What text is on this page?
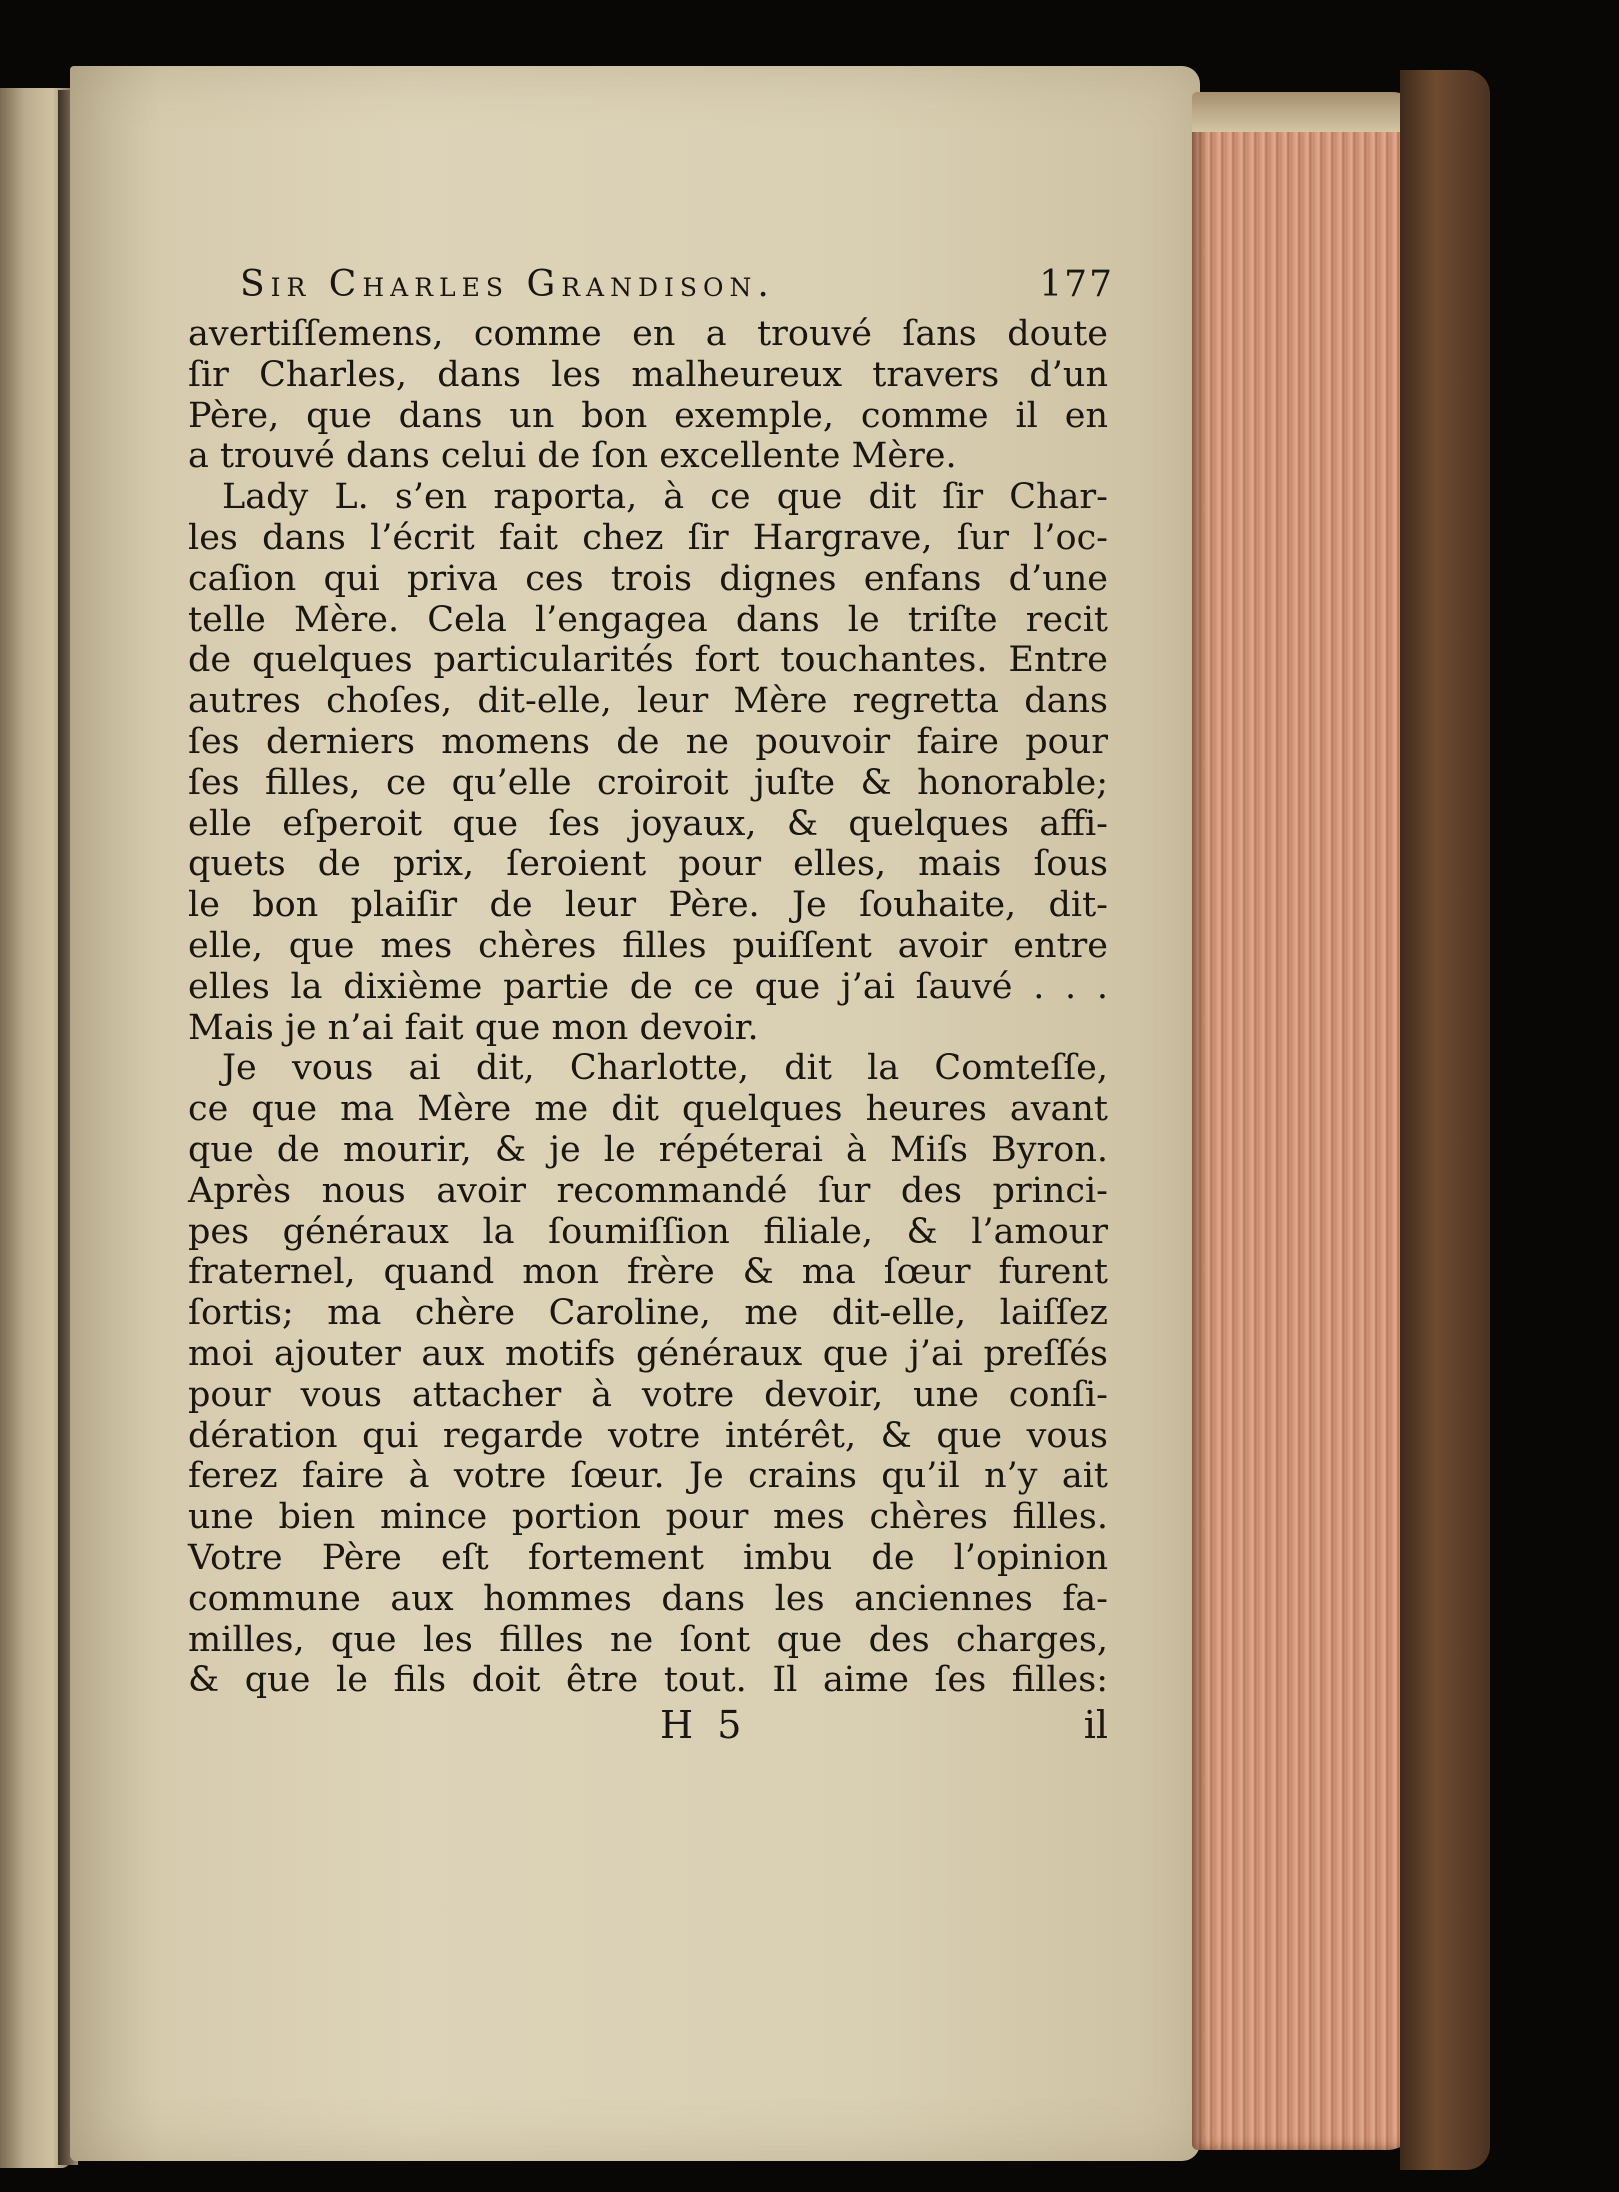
Sir Charles Grandison.	177
avertiſſemens, comme en a trouvé ſans doute
ſir Charles, dans les malheureux travers d’un
Père, que dans un bon exemple, comme il en
a trouvé dans celui de ſon excellente Mère.
Lady L. s’en raporta, à ce que dit ſir Char-
les dans l’écrit fait chez ſir Hargrave, ſur l’oc-
caſion qui priva ces trois dignes enfans d’une
telle Mère. Cela l’engagea dans le triſte recit
de quelques particularités fort touchantes. Entre
autres choſes, dit-elle, leur Mère regretta dans
ſes derniers momens de ne pouvoir faire pour
ſes filles, ce qu’elle croiroit juſte & honorable;
elle eſperoit que ſes joyaux, & quelques affi-
quets de prix, ſeroient pour elles, mais ſous
le bon plaiſir de leur Père. Je ſouhaite, dit-
elle, que mes chères filles puiſſent avoir entre
elles la dixième partie de ce que j’ai ſauvé . . .
Mais je n’ai fait que mon devoir.
Je vous ai dit, Charlotte, dit la Comteſſe,
ce que ma Mère me dit quelques heures avant
que de mourir, & je le répéterai à Miſs Byron.
Après nous avoir recommandé ſur des princi-
pes généraux la ſoumiſſion filiale, & l’amour
fraternel, quand mon frère & ma ſœur furent
ſortis; ma chère Caroline, me dit-elle, laiſſez
moi ajouter aux motifs généraux que j’ai preſſés
pour vous attacher à votre devoir, une conſi-
dération qui regarde votre intérêt, & que vous
ferez faire à votre ſœur. Je crains qu’il n’y ait
une bien mince portion pour mes chères filles.
Votre Père eſt fortement imbu de l’opinion
commune aux hommes dans les anciennes fa-
milles, que les filles ne ſont que des charges,
& que le fils doit être tout. Il aime ſes filles:
H 5	il
